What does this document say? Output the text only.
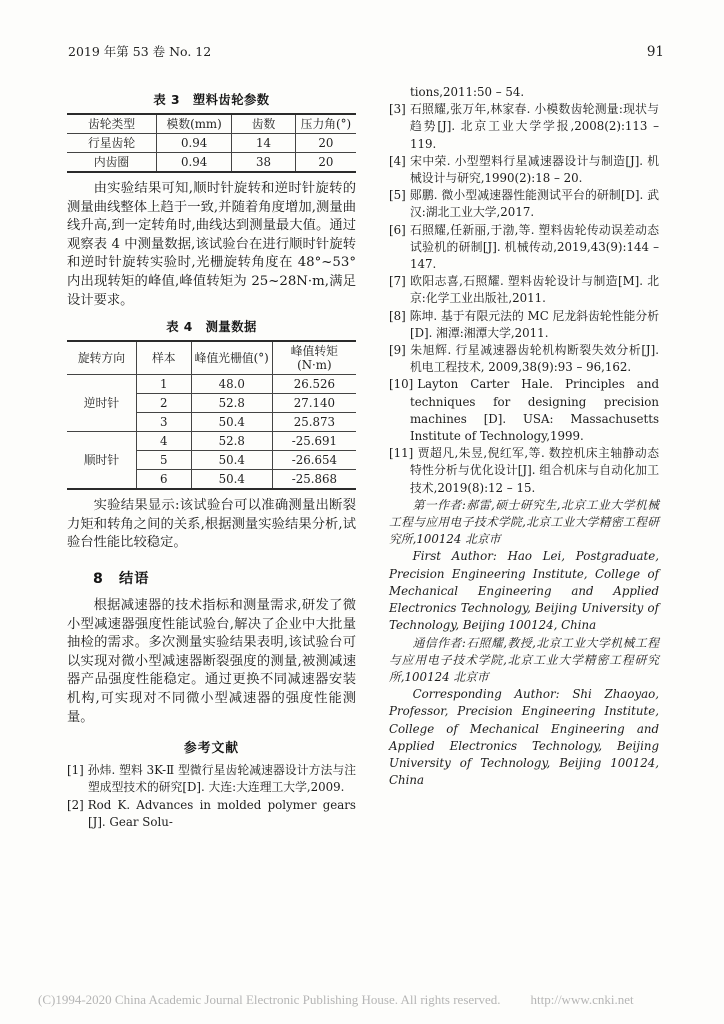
2019 年第 53 卷 No. 12	91
表 3　塑料齿轮参数
齿轮类型	模数(mm)	齿数	压力角(°)
行星齿轮	0.94	14	20
内齿圈	0.94	38	20

由实验结果可知,顺时针旋转和逆时针旋转的测量曲线整体上趋于一致,并随着角度增加,测量曲线升高,到一定转角时,曲线达到测量最大值。通过观察表 4 中测量数据,该试验台在进行顺时针旋转和逆时针旋转实验时,光栅旋转角度在 48°~53°内出现转矩的峰值,峰值转矩为 25~28N·m,满足设计要求。

表 4　测量数据
旋转方向	样本	峰值光栅值(°)	峰值转矩(N·m)
逆时针	1	48.0	26.526
	2	52.8	27.140
	3	50.4	25.873
顺时针	4	52.8	-25.691
	5	50.4	-26.654
	6	50.4	-25.868

实验结果显示:该试验台可以准确测量出断裂力矩和转角之间的关系,根据测量实验结果分析,试验台性能比较稳定。

8　结语

根据减速器的技术指标和测量需求,研发了微小型减速器强度性能试验台,解决了企业中大批量抽检的需求。多次测量实验结果表明,该试验台可以实现对微小型减速器断裂强度的测量,被测减速器产品强度性能稳定。通过更换不同减速器安装机构,可实现对不同微小型减速器的强度性能测量。

参考文献

[1] 孙炜. 塑料 3K-Ⅱ 型微行星齿轮减速器设计方法与注塑成型技术的研究[D]. 大连:大连理工大学,2009.

[2] Rod K. Advances in molded polymer gears [J]. Gear Solu-

tions,2011:50 – 54.

[3] 石照耀,张万年,林家春. 小模数齿轮测量:现状与趋势[J]. 北京工业大学学报,2008(2):113 – 119.

[4] 宋中荣. 小型塑料行星减速器设计与制造[J]. 机械设计与研究,1990(2):18 – 20.

[5] 郧鹏. 微小型减速器性能测试平台的研制[D]. 武汉:湖北工业大学,2017.

[6] 石照耀,任新丽,于渤,等. 塑料齿轮传动误差动态试验机的研制[J]. 机械传动,2019,43(9):144 – 147.

[7] 欧阳志喜,石照耀. 塑料齿轮设计与制造[M]. 北京:化学工业出版社,2011.

[8] 陈坤. 基于有限元法的 MC 尼龙斜齿轮性能分析[D]. 湘潭:湘潭大学,2011.

[9] 朱旭辉. 行星减速器齿轮机构断裂失效分析[J]. 机电工程技术, 2009,38(9):93 – 96,162.

[10] Layton Carter Hale. Principles and techniques for designing precision machines [D]. USA: Massachusetts Institute of Technology,1999.

[11] 贾超凡,朱昱,倪红军,等. 数控机床主轴静动态特性分析与优化设计[J]. 组合机床与自动化加工技术,2019(8):12 – 15.

第一作者:郝雷,硕士研究生,北京工业大学机械工程与应用电子技术学院,北京工业大学精密工程研究所,100124 北京市

First Author: Hao Lei, Postgraduate, Precision Engineering Institute, College of Mechanical Engineering and Applied Electronics Technology, Beijing University of Technology, Beijing 100124, China

通信作者:石照耀,教授,北京工业大学机械工程与应用电子技术学院,北京工业大学精密工程研究所,100124 北京市

Corresponding Author: Shi Zhaoyao, Professor, Precision Engineering Institute, College of Mechanical Engineering and Applied Electronics Technology, Beijing University of Technology, Beijing 100124, China

(C)1994-2020 China Academic Journal Electronic Publishing House. All rights reserved. http://www.cnki.net
